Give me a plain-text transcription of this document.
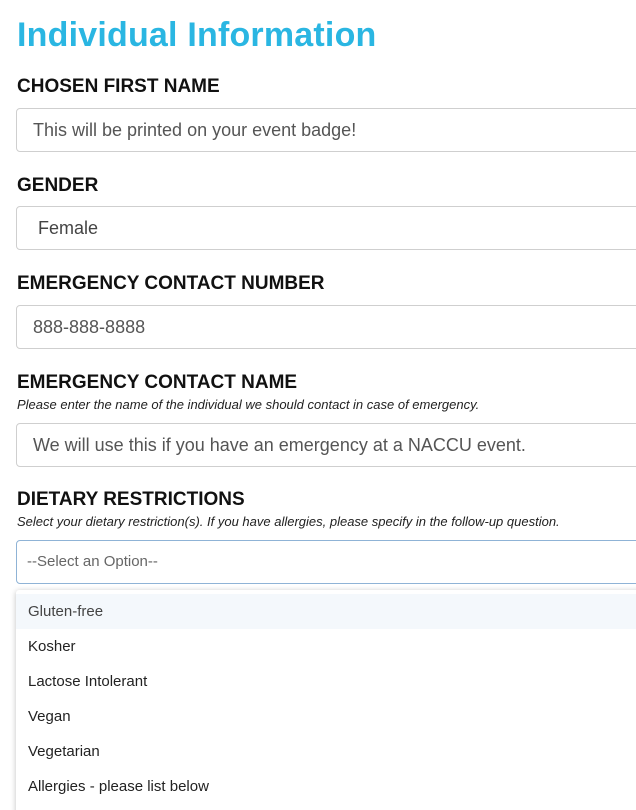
Individual Information
CHOSEN FIRST NAME
This will be printed on your event badge!
GENDER
Female
EMERGENCY CONTACT NUMBER
888-888-8888
EMERGENCY CONTACT NAME
Please enter the name of the individual we should contact in case of emergency.
We will use this if you have an emergency at a NACCU event.
DIETARY RESTRICTIONS
Select your dietary restriction(s). If you have allergies, please specify in the follow-up question.
--Select an Option--
Gluten-free
Kosher
Lactose Intolerant
Vegan
Vegetarian
Allergies - please list below
